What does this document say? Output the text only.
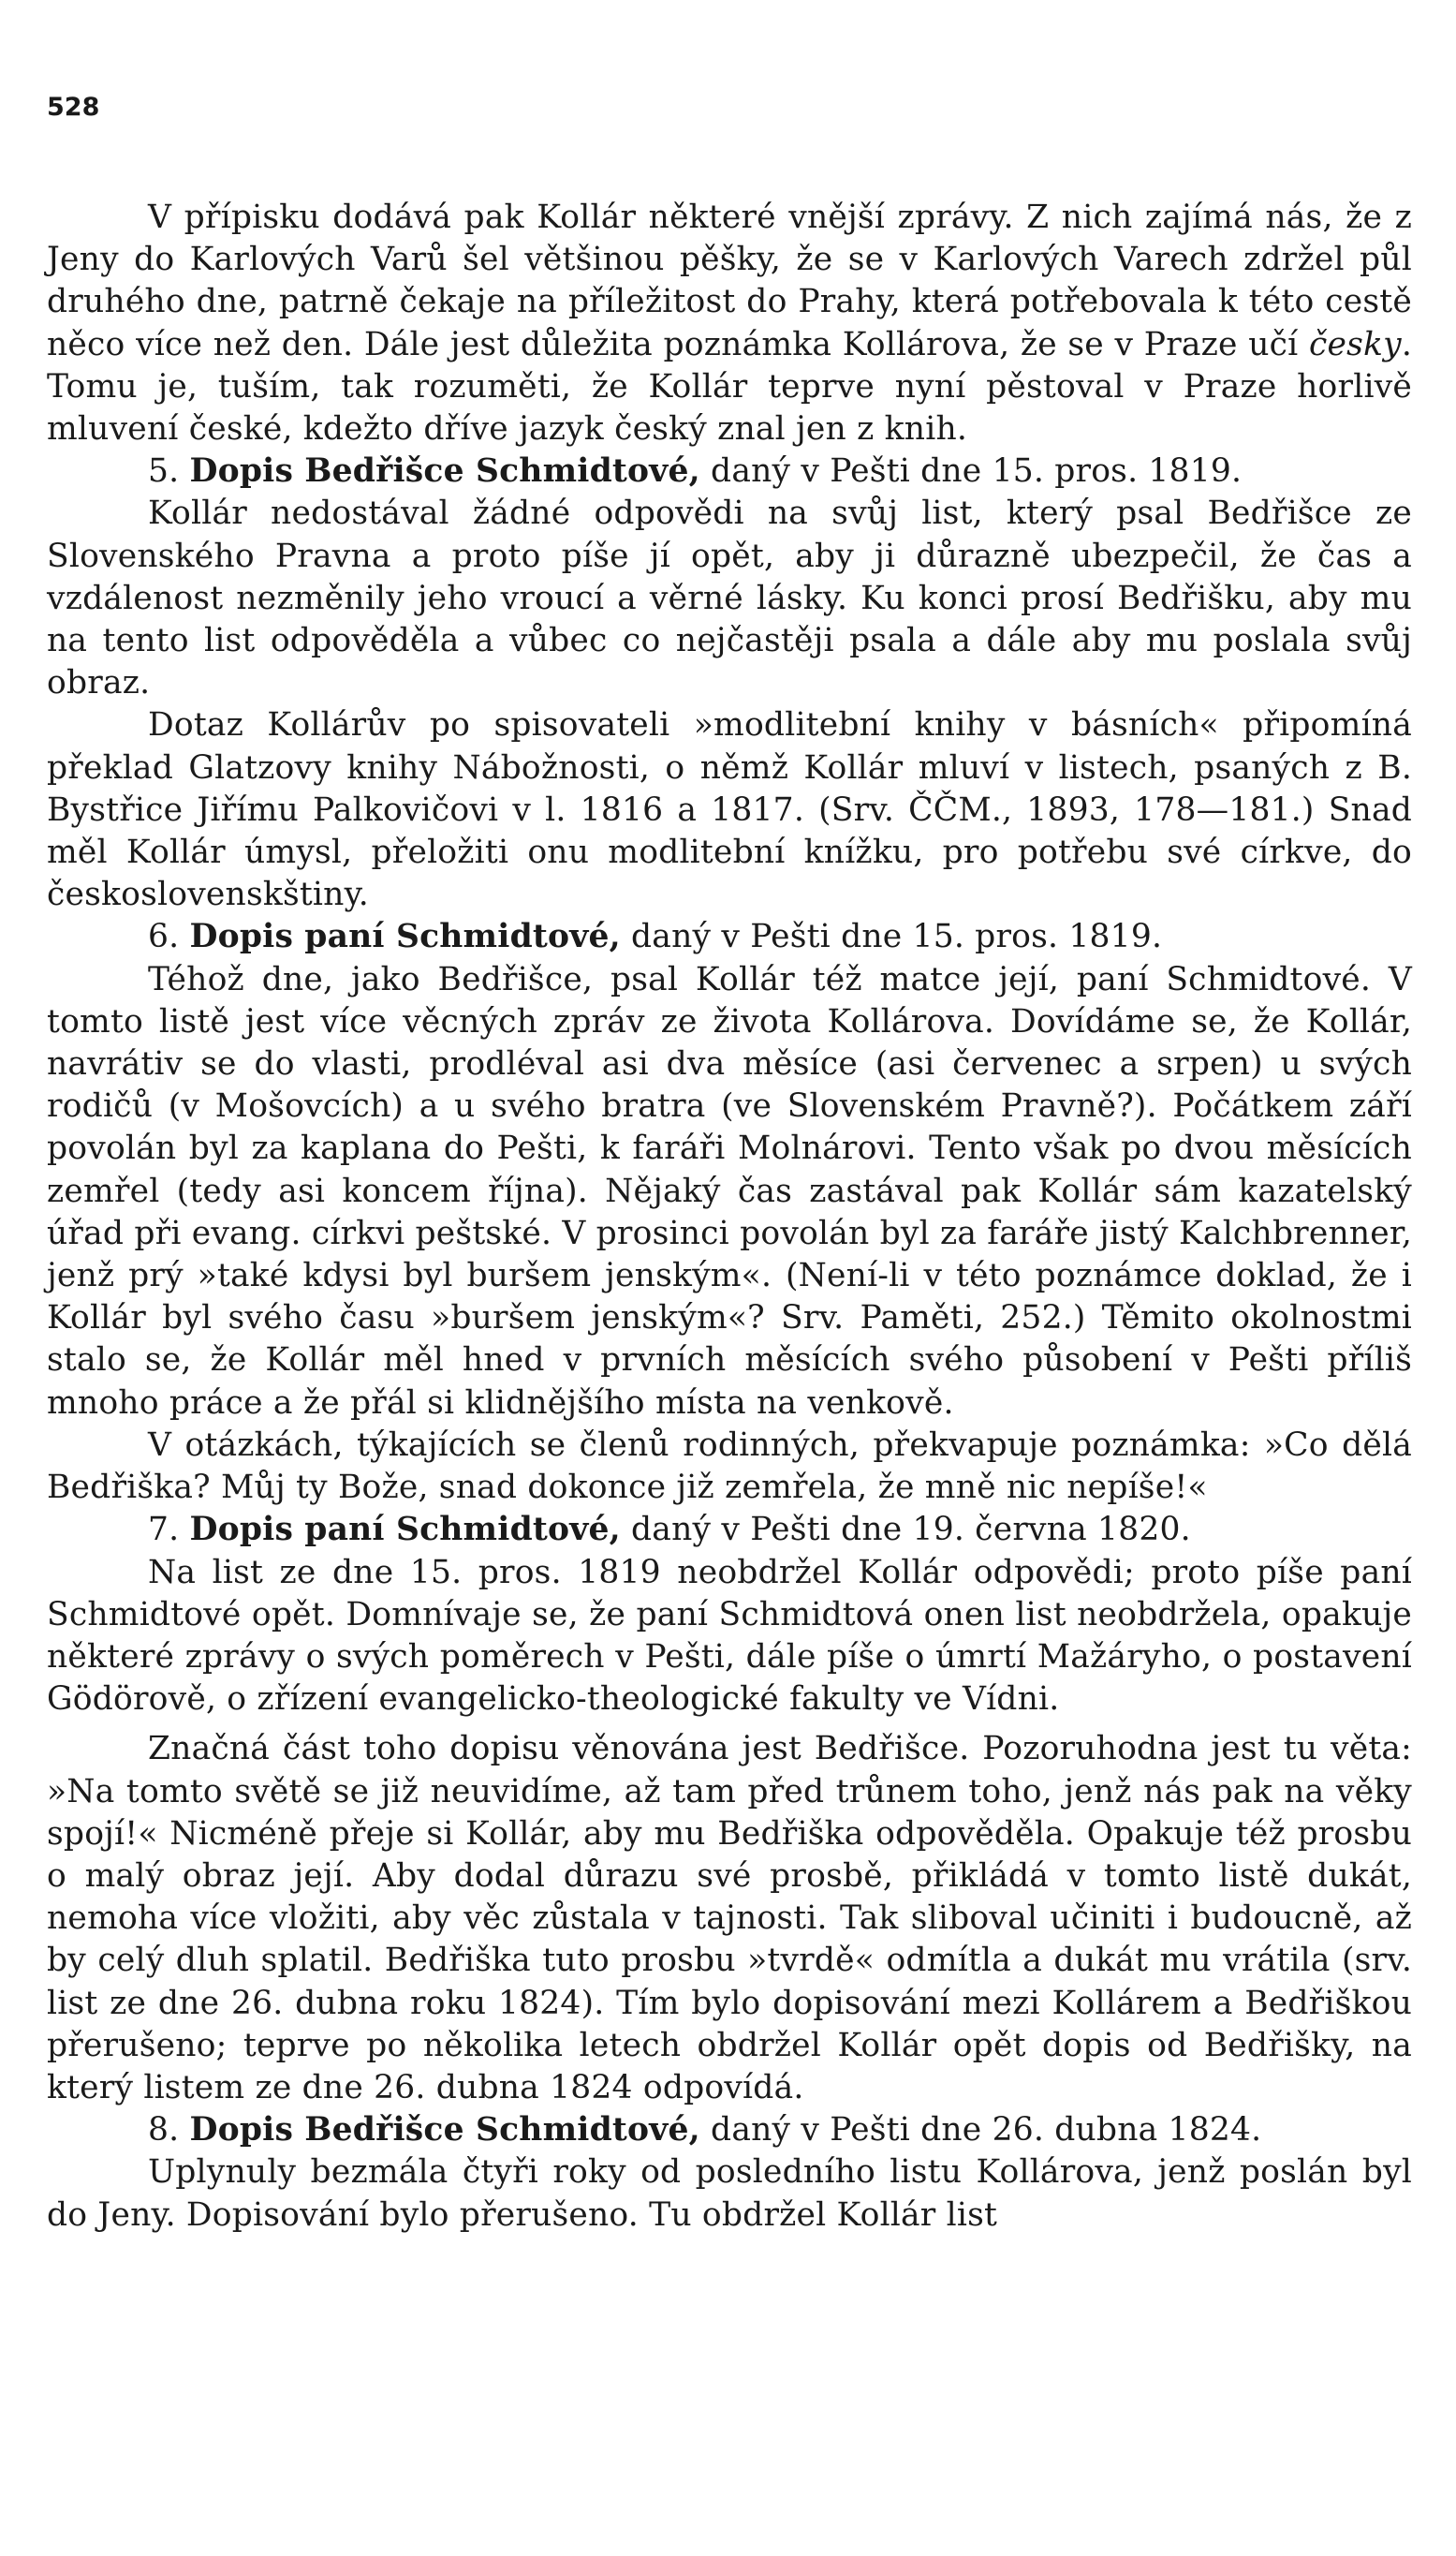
528

V přípisku dodává pak Kollár některé vnější zprávy. Z nich zajímá nás, že z Jeny do Karlových Varů šel většinou pěšky, že se v Karlových Varech zdržel půl druhého dne, patrně čekaje na příležitost do Prahy, která potřebovala k této cestě něco více než den. Dále jest důležita poznámka Kollárova, že se v Praze učí česky. Tomu je, tuším, tak rozuměti, že Kollár teprve nyní pěstoval v Praze horlivě mluvení české, kdežto dříve jazyk český znal jen z knih.

5. Dopis Bedřišce Schmidtové, daný v Pešti dne 15. pros. 1819.

Kollár nedostával žádné odpovědi na svůj list, který psal Bedřišce ze Slovenského Pravna a proto píše jí opět, aby ji důrazně ubezpečil, že čas a vzdálenost nezměnily jeho vroucí a věrné lásky. Ku konci prosí Bedřišku, aby mu na tento list odpověděla a vůbec co nejčastěji psala a dále aby mu poslala svůj obraz.

Dotaz Kollárův po spisovateli »modlitební knihy v básních« připomíná překlad Glatzovy knihy Nábožnosti, o němž Kollár mluví v listech, psaných z B. Bystřice Jiřímu Palkovičovi v l. 1816 a 1817. (Srv. ČČM., 1893, 178—181.) Snad měl Kollár úmysl, přeložiti onu modlitební knížku, pro potřebu své církve, do československštiny.

6. Dopis paní Schmidtové, daný v Pešti dne 15. pros. 1819.

Téhož dne, jako Bedřišce, psal Kollár též matce její, paní Schmidtové. V tomto listě jest více věcných zpráv ze života Kollárova. Dovídáme se, že Kollár, navrátiv se do vlasti, prodléval asi dva měsíce (asi červenec a srpen) u svých rodičů (v Mošovcích) a u svého bratra (ve Slovenském Pravně?). Počátkem září povolán byl za kaplana do Pešti, k faráři Molnárovi. Tento však po dvou měsících zemřel (tedy asi koncem října). Nějaký čas zastával pak Kollár sám kazatelský úřad při evang. církvi peštské. V prosinci povolán byl za faráře jistý Kalchbrenner, jenž prý »také kdysi byl buršem jenským«. (Není-li v této poznámce doklad, že i Kollár byl svého času »buršem jenským«? Srv. Paměti, 252.) Těmito okolnostmi stalo se, že Kollár měl hned v prvních měsících svého působení v Pešti příliš mnoho práce a že přál si klidnějšího místa na venkově.

V otázkách, týkajících se členů rodinných, překvapuje poznámka: »Co dělá Bedřiška? Můj ty Bože, snad dokonce již zemřela, že mně nic nepíše!«

7. Dopis paní Schmidtové, daný v Pešti dne 19. června 1820.

Na list ze dne 15. pros. 1819 neobdržel Kollár odpovědi; proto píše paní Schmidtové opět. Domnívaje se, že paní Schmidtová onen list neobdržela, opakuje některé zprávy o svých poměrech v Pešti, dále píše o úmrtí Mažáryho, o postavení Gödörově, o zřízení evangelicko-theologické fakulty ve Vídni.

Značná část toho dopisu věnována jest Bedřišce. Pozoruhodna jest tu věta: »Na tomto světě se již neuvidíme, až tam před trůnem toho, jenž nás pak na věky spojí!« Nicméně přeje si Kollár, aby mu Bedřiška odpověděla. Opakuje též prosbu o malý obraz její. Aby dodal důrazu své prosbě, přikládá v tomto listě dukát, nemoha více vložiti, aby věc zůstala v tajnosti. Tak sliboval učiniti i budoucně, až by celý dluh splatil. Bedřiška tuto prosbu »tvrdě« odmítla a dukát mu vrátila (srv. list ze dne 26. dubna roku 1824). Tím bylo dopisování mezi Kollárem a Bedřiškou přerušeno; teprve po několika letech obdržel Kollár opět dopis od Bedřišky, na který listem ze dne 26. dubna 1824 odpovídá.

8. Dopis Bedřišce Schmidtové, daný v Pešti dne 26. dubna 1824.

Uplynuly bezmála čtyři roky od posledního listu Kollárova, jenž poslán byl do Jeny. Dopisování bylo přerušeno. Tu obdržel Kollár list
